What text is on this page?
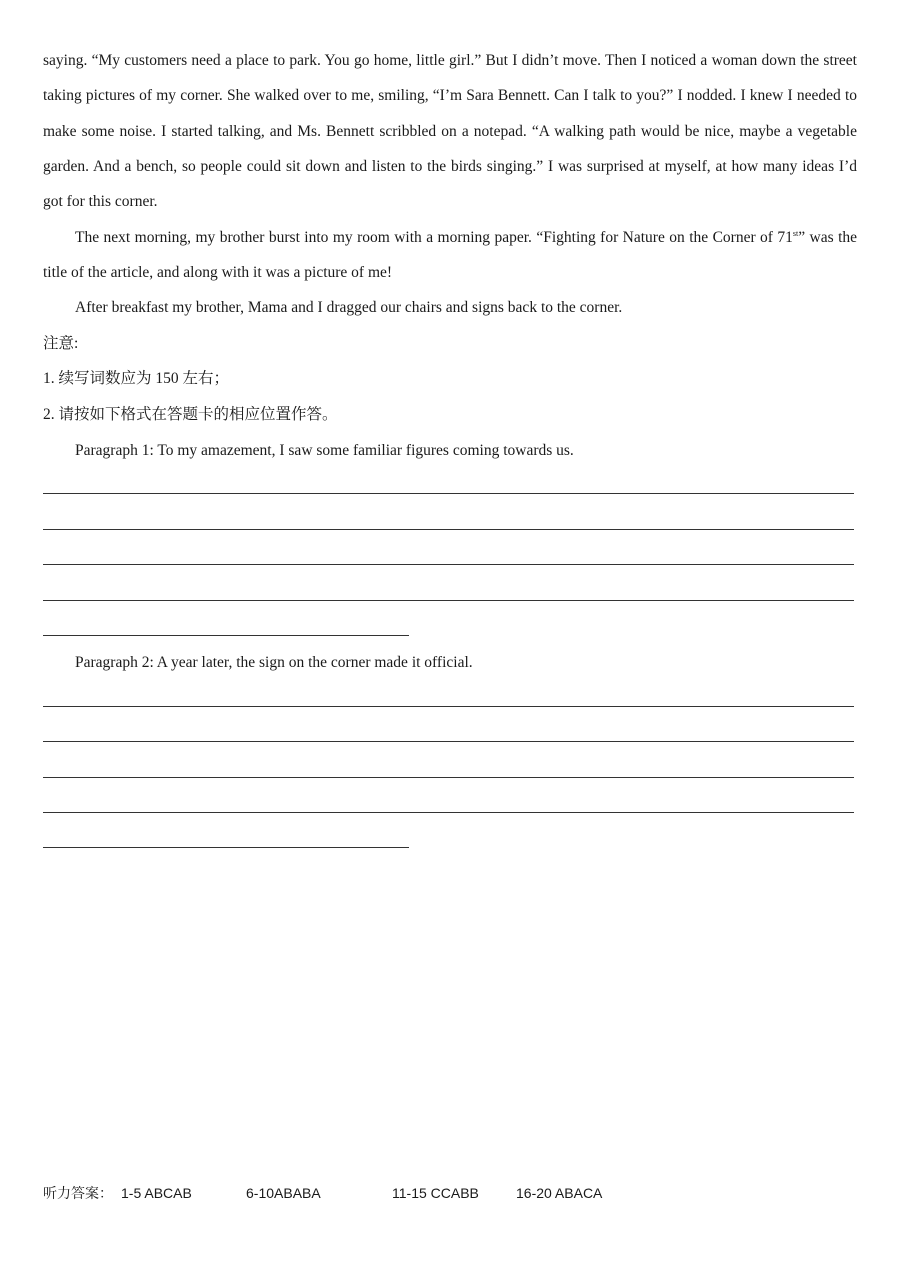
saying. “My customers need a place to park. You go home, little girl.” But I didn’t move. Then I noticed a woman down the street taking pictures of my corner. She walked over to me, smiling, “I’m Sara Bennett. Can I talk to you?” I nodded. I knew I needed to make some noise. I started talking, and Ms. Bennett scribbled on a notepad. “A walking path would be nice, maybe a vegetable garden. And a bench, so people could sit down and listen to the birds singing.” I was surprised at myself, at how many ideas I’d got for this corner.

The next morning, my brother burst into my room with a morning paper. “Fighting for Nature on the Corner of 71st” was the title of the article, and along with it was a picture of me!

After breakfast my brother, Mama and I dragged our chairs and signs back to the corner.

注意:

1. 续写词数应为 150 左右；

2. 请按如下格式在答题卡的相应位置作答。

Paragraph 1: To my amazement, I saw some familiar figures coming towards us.

Paragraph 2: A year later, the sign on the corner made it official.

听力答案： 1-5 ABCAB	6-10ABABA	11-15 CCABB	16-20 ABACA
